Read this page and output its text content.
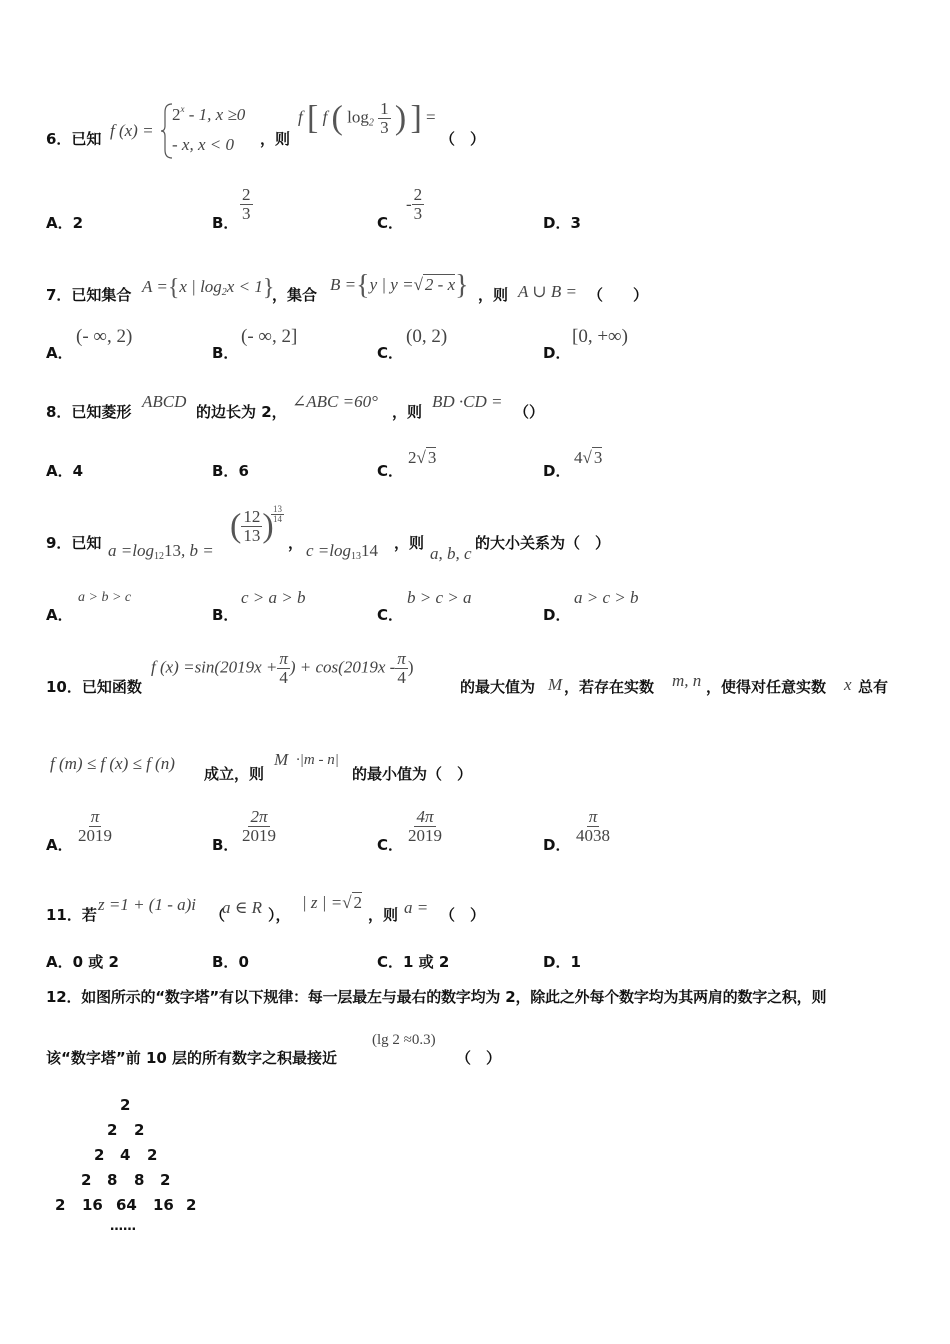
6．已知 f (x) =
$2^x - 1$, x ≥0
- x, x < 0 ，则
f [ f ( $\log_2 \frac{1}{3}$ ) ] =
（　）
A．2	B．
$\frac{2}{3}$
C．
- $\frac{2}{3}$
D．3
7．已知集合 A ={x | $\log_2x < 1$}
，集合
B ={y | y =√ 2 - x} ，则 A ∪ B = （　　）
A．
(- ∞, 2)
B．
(- ∞, 2]
C．
(0, 2)
D．
[0, +∞)
8．已知菱形
ABCD
的边长为 2，
∠ABC =60°
，则
BD ·CD =
（）
A．4	B．6	C．
2√ 3
D．
4√ 3
9．已知 $a =\log_{12}13$, b =
( $\frac{12}{13}$ )
$\frac{13}{14}$
， $c =\log_{13}14$ ，则
a, b, c
的大小关系为（　）
A．
a > b > c
B．
c > a > b
C．
b > c > a
D．
a > c > b
10．已知函数
f $(x) =\sin(2019x + \frac{\pi}{4}$ ) + $\cos(2019x - \frac{\pi}{4}$ )
的最大值为 M ，若存在实数 m, n ，使得对任意实数 x 总有
f (m) ≤ f (x) ≤ f (n)
成立，则
M ·|m - n|
的最小值为（　）
A．
$\frac{\pi}{2019}$
B．
$\frac{2\pi}{2019}$
C．
$\frac{4\pi}{2019}$
D．
$\frac{\pi}{4038}$
11．若
z =1 + (1 - a)i
（
a ∈ R ），
| z | =√ 2
，则 a = （　）
A．0 或 2	B．0	C．1 或 2	D．1
12．如图所示的“数字塔”有以下规律：每一层最左与最右的数字均为 2，除此之外每个数字均为其两肩的数字之积，则
该“数字塔”前 10 层的所有数字之积最接近
(lg 2 ≈0.3)
（　）
2
2 2
2 4 2
2 8 8 2
2 16 64 16 2
……
